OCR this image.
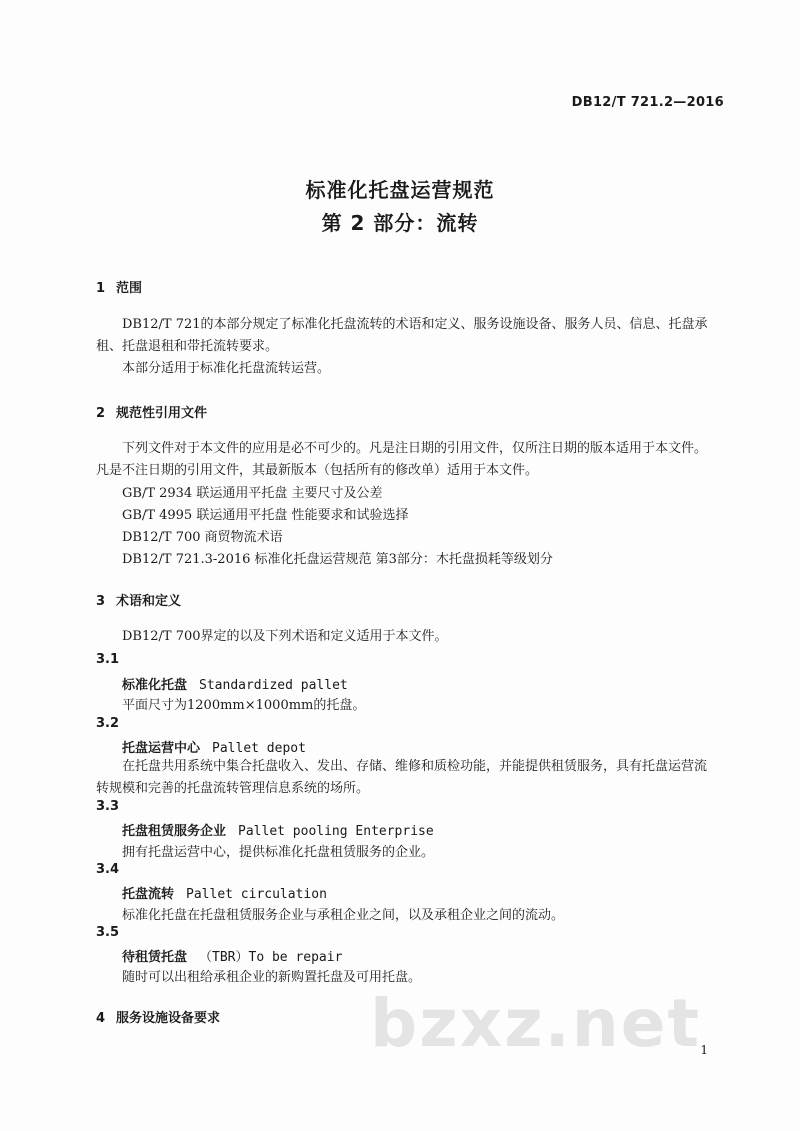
DB12/T 721.2—2016
标准化托盘运营规范
第 2 部分：流转
1 范围
DB12/T 721的本部分规定了标准化托盘流转的术语和定义、服务设施设备、服务人员、信息、托盘承租、托盘退租和带托流转要求。
本部分适用于标准化托盘流转运营。
2 规范性引用文件
下列文件对于本文件的应用是必不可少的。凡是注日期的引用文件，仅所注日期的版本适用于本文件。凡是不注日期的引用文件，其最新版本（包括所有的修改单）适用于本文件。
GB/T 2934 联运通用平托盘 主要尺寸及公差
GB/T 4995 联运通用平托盘 性能要求和试验选择
DB12/T 700 商贸物流术语
DB12/T 721.3-2016 标准化托盘运营规范 第3部分：木托盘损耗等级划分
3 术语和定义
DB12/T 700界定的以及下列术语和定义适用于本文件。
3.1
标准化托盘 Standardized pallet
平面尺寸为1200mm×1000mm的托盘。
3.2
托盘运营中心 Pallet depot
在托盘共用系统中集合托盘收入、发出、存储、维修和质检功能，并能提供租赁服务，具有托盘运营流转规模和完善的托盘流转管理信息系统的场所。
3.3
托盘租赁服务企业 Pallet pooling Enterprise
拥有托盘运营中心，提供标准化托盘租赁服务的企业。
3.4
托盘流转 Pallet circulation
标准化托盘在托盘租赁服务企业与承租企业之间，以及承租企业之间的流动。
3.5
待租赁托盘 （TBR）To be repair
随时可以出租给承租企业的新购置托盘及可用托盘。
4 服务设施设备要求 bzxz.net 1
